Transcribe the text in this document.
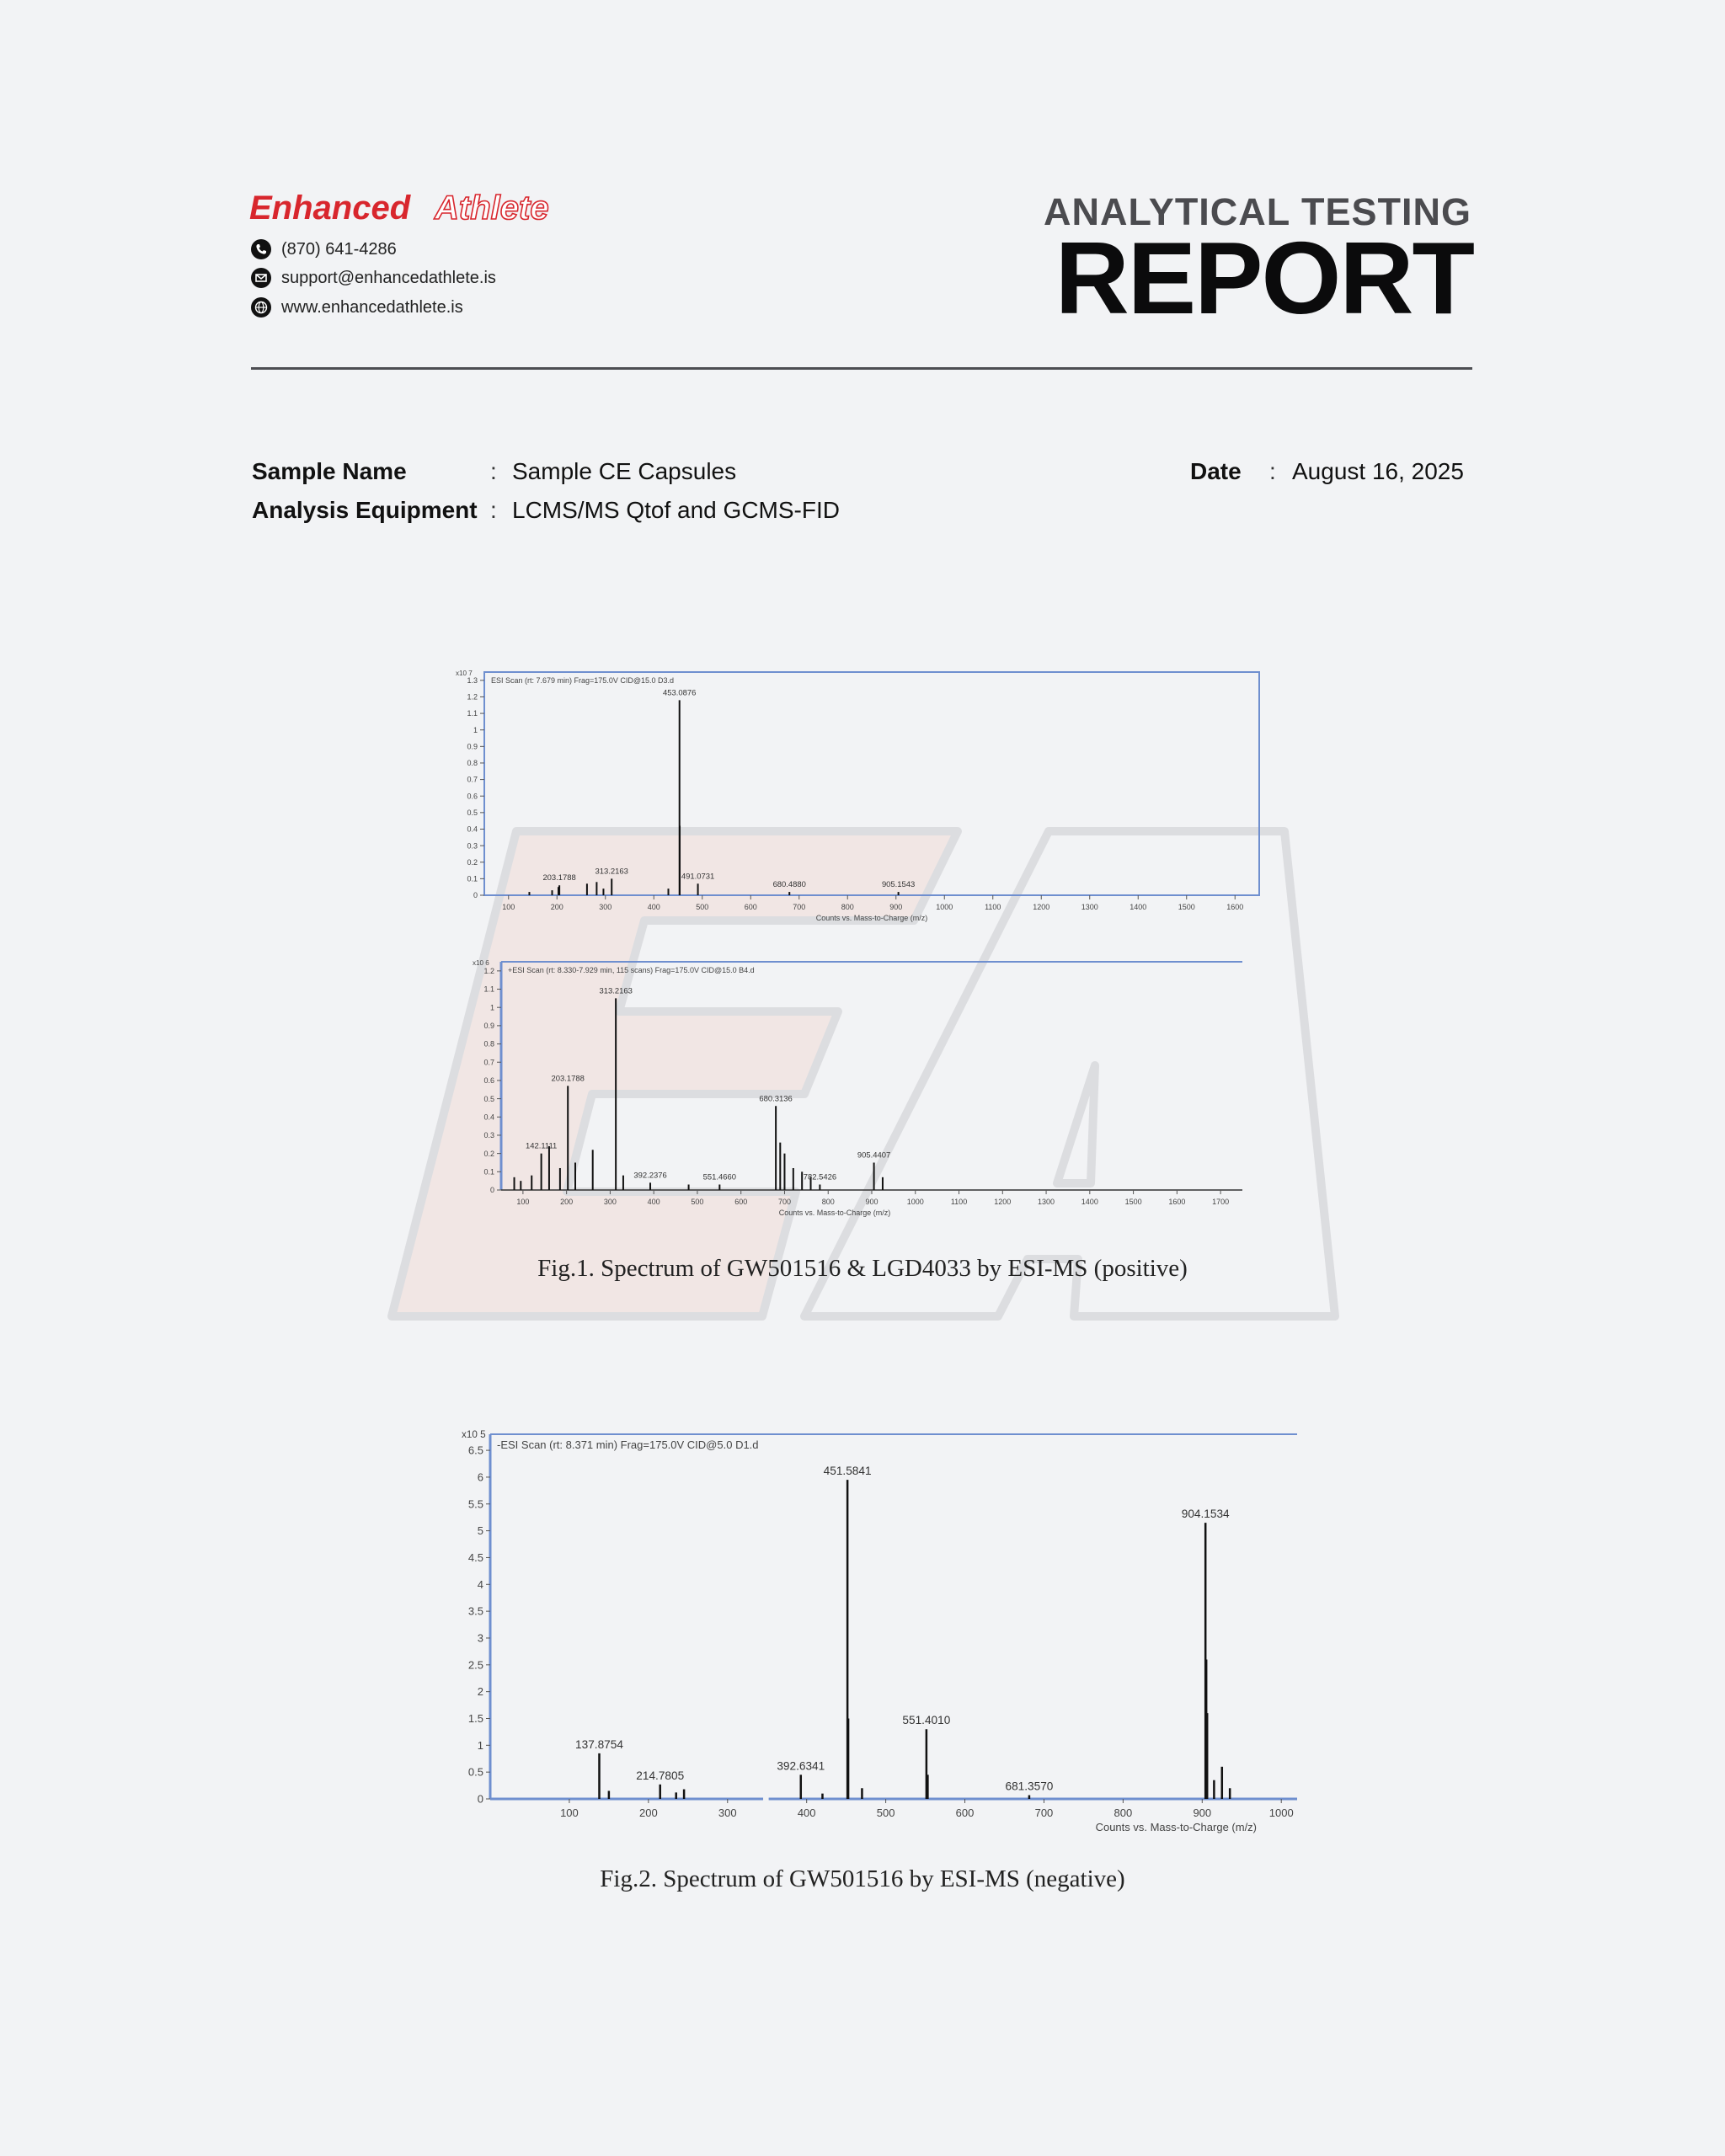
Enhanced Athlete
(870) 641-4286
support@enhancedathlete.is
www.enhancedathlete.is
ANALYTICAL TESTING
REPORT
Sample Name	: Sample CE Capsules
Analysis Equipment : LCMS/MS Qtof and GCMS-FID
Date : August 16, 2025
0
0.1
0.2
0.3
0.4
0.5
0.6
0.7
0.8
0.9
1
1.1
1.2
1.3
100	200	300	400	500	600	700	800	900	1000	1100	1200	1300	1400	1500	1600
x10 7
ESI Scan (rt: 7.679 min) Frag=175.0V CID@15.0 D3.d
Counts vs. Mass-to-Charge (m/z)
203.1788
313.2163
453.0876
491.0731
680.4880	905.1543
0
0.1
0.2
0.3
0.4
0.5
0.6
0.7
0.8
0.9
1
1.1
1.2
100	200	300	400	500	600	700	800	900	1000	1100	1200	1300	1400	1500	1600	1700
x10 6
+ESI Scan (rt: 8.330-7.929 min, 115 scans) Frag=175.0V CID@15.0 B4.d
Counts vs. Mass-to-Charge (m/z)
142.1111
203.1788
313.2163
392.2376	551.4660
680.3136
782.5426
905.4407
Fig.1. Spectrum of GW501516 & LGD4033 by ESI-MS (positive)
0
0.5
1
1.5
2
2.5
3
3.5
4
4.5
5
5.5
6
6.5
100	200	300	400	500	600	700	800	900	1000
x10 5
-ESI Scan (rt: 8.371 min) Frag=175.0V CID@5.0 D1.d
Counts vs. Mass-to-Charge (m/z)
137.8754
214.7805
392.6341
451.5841
551.4010
681.3570
904.1534
Fig.2. Spectrum of GW501516 by ESI-MS (negative)
